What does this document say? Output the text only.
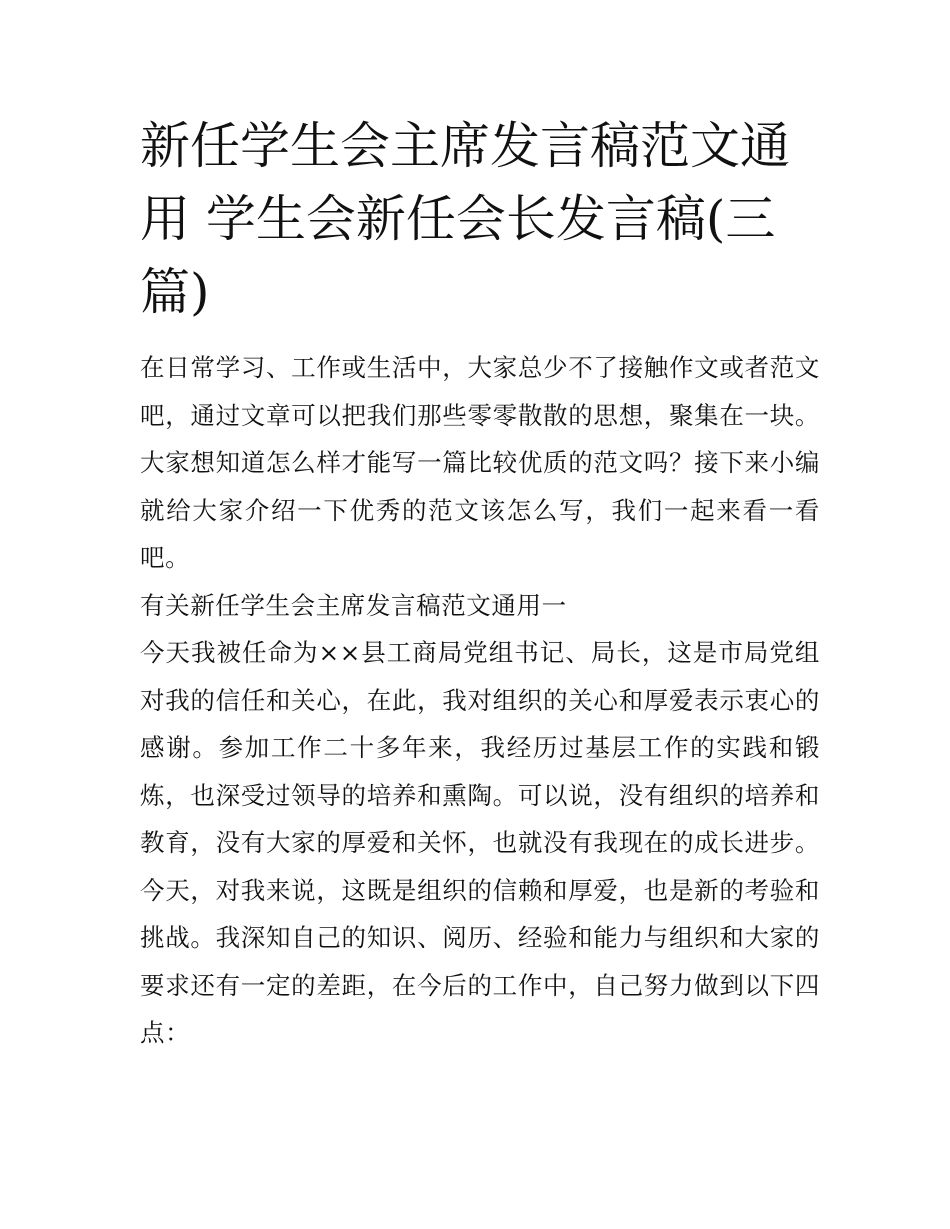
新任学生会主席发言稿范文通用 学生会新任会长发言稿(三篇)

在日常学习、工作或生活中，大家总少不了接触作文或者范文吧，通过文章可以把我们那些零零散散的思想，聚集在一块。大家想知道怎么样才能写一篇比较优质的范文吗？接下来小编就给大家介绍一下优秀的范文该怎么写，我们一起来看一看吧。

有关新任学生会主席发言稿范文通用一

今天我被任命为××县工商局党组书记、局长，这是市局党组对我的信任和关心，在此，我对组织的关心和厚爱表示衷心的感谢。参加工作二十多年来，我经历过基层工作的实践和锻炼，也深受过领导的培养和熏陶。可以说，没有组织的培养和教育，没有大家的厚爱和关怀，也就没有我现在的成长进步。今天，对我来说，这既是组织的信赖和厚爱，也是新的考验和挑战。我深知自己的知识、阅历、经验和能力与组织和大家的要求还有一定的差距，在今后的工作中，自己努力做到以下四点：
